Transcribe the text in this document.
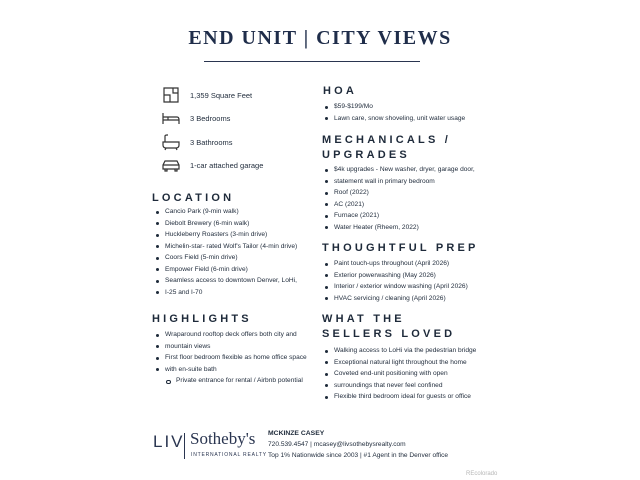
END UNIT | CITY VIEWS
1,359 Square Feet
3 Bedrooms
3 Bathrooms
1-car attached garage
LOCATION
Cancio Park (9-min walk)
Diebolt Brewery (6-min walk)
Huckleberry Roasters (3-min drive)
Michelin-star- rated Wolf's Tailor (4-min drive)
Coors Field (5-min drive)
Empower Field (6-min drive)
Seamless access to downtown Denver, LoHi,
I-25 and I-70
HIGHLIGHTS
Wraparound rooftop deck offers both city and
mountain views
First floor bedroom flexible as home office space
with en-suite bath
Private entrance for rental / Airbnb potential
HOA
$59-$199/Mo
Lawn care, snow shoveling, unit water usage
MECHANICALS /
UPGRADES
$4k upgrades - New washer, dryer, garage door,
statement wall in primary bedroom
Roof (2022)
AC (2021)
Furnace (2021)
Water Heater (Rheem, 2022)
THOUGHTFUL PREP
Paint touch-ups throughout (April 2026)
Exterior powerwashing (May 2026)
Interior / exterior window washing (April 2026)
HVAC servicing / cleaning (April 2026)
WHAT THE
SELLERS LOVED
Walking access to LoHi via the pedestrian bridge
Exceptional natural light throughout the home
Coveted end-unit positioning with open
surroundings that never feel confined
Flexible third bedroom ideal for guests or office
LIV Sotheby's
INTERNATIONAL REALTY
MCKINZE CASEY
720.539.4547 | mcasey@livsothebysrealty.com
Top 1% Nationwide since 2003 | #1 Agent in the Denver office
REcolorado
